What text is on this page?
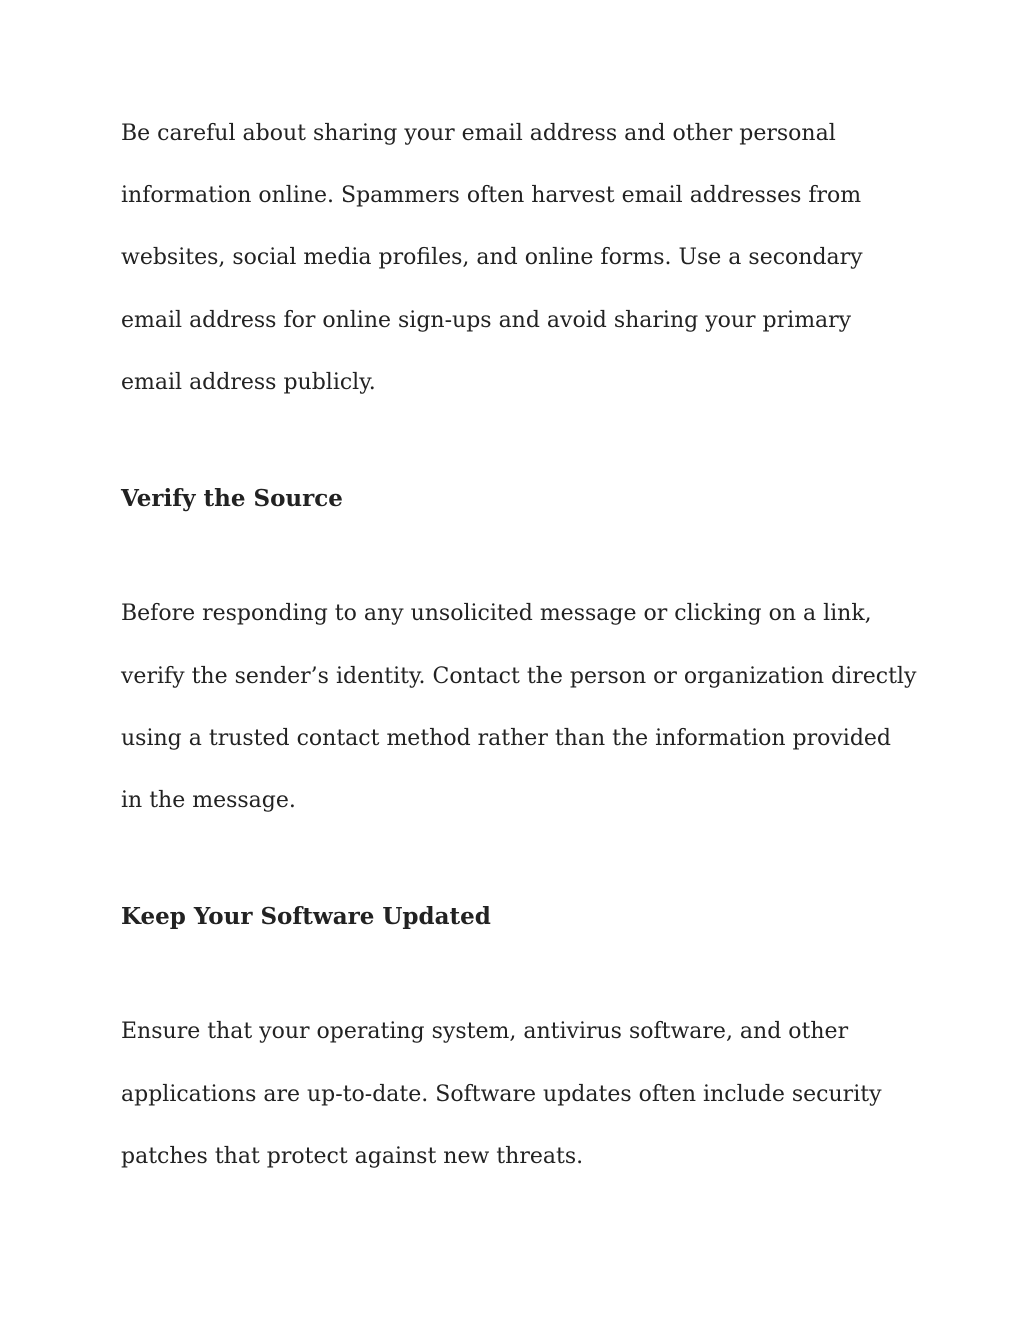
Be careful about sharing your email address and other personal

information online. Spammers often harvest email addresses from

websites, social media profiles, and online forms. Use a secondary

email address for online sign-ups and avoid sharing your primary

email address publicly.

Verify the Source

Before responding to any unsolicited message or clicking on a link,

verify the sender’s identity. Contact the person or organization directly

using a trusted contact method rather than the information provided

in the message.

Keep Your Software Updated

Ensure that your operating system, antivirus software, and other

applications are up-to-date. Software updates often include security

patches that protect against new threats.
